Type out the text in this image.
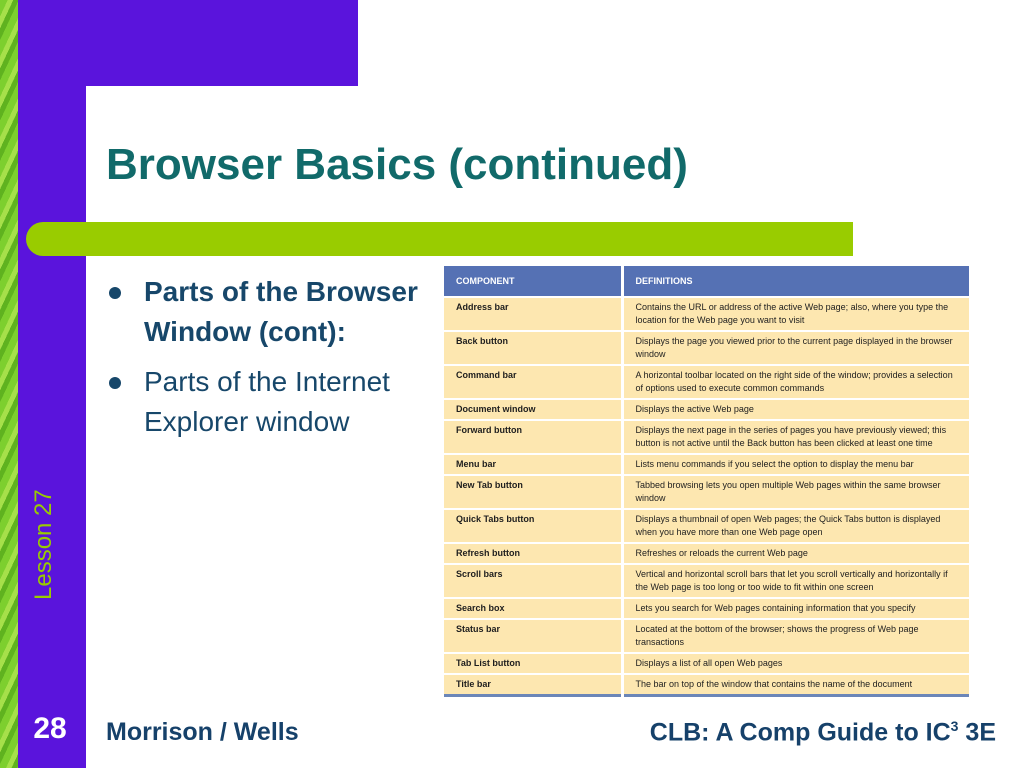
Browser Basics (continued)
Parts of the Browser Window (cont):
Parts of the Internet Explorer window
COMPONENT	DEFINITIONS
Address bar	Contains the URL or address of the active Web page; also, where you type the location for the Web page you want to visit
Back button	Displays the page you viewed prior to the current page displayed in the browser window
Command bar	A horizontal toolbar located on the right side of the window; provides a selection of options used to execute common commands
Document window	Displays the active Web page
Forward button	Displays the next page in the series of pages you have previously viewed; this button is not active until the Back button has been clicked at least one time
Menu bar	Lists menu commands if you select the option to display the menu bar
New Tab button	Tabbed browsing lets you open multiple Web pages within the same browser window
Quick Tabs button	Displays a thumbnail of open Web pages; the Quick Tabs button is displayed when you have more than one Web page open
Refresh button	Refreshes or reloads the current Web page
Scroll bars	Vertical and horizontal scroll bars that let you scroll vertically and horizontally if the Web page is too long or too wide to fit within one screen
Search box	Lets you search for Web pages containing information that you specify
Status bar	Located at the bottom of the browser; shows the progress of Web page transactions
Tab List button	Displays a list of all open Web pages
Title bar	The bar on top of the window that contains the name of the document
Lesson 27
28	Morrison / Wells	CLB: A Comp Guide to $IC^3$ 3E
